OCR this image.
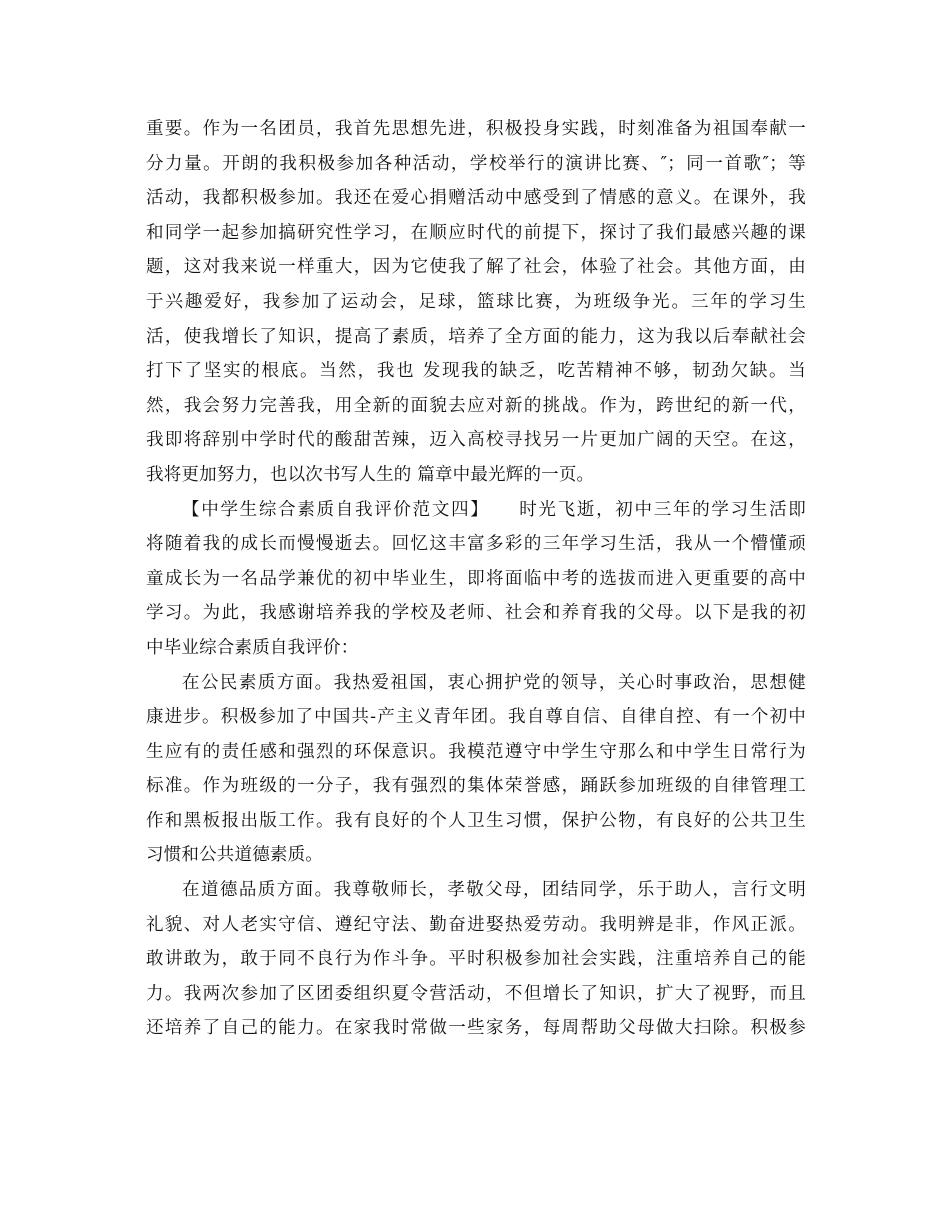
重要。作为一名团员，我首先思想先进，积极投身实践，时刻准备为祖国奉献一
分力量。开朗的我积极参加各种活动，学校举行的演讲比赛、″；同一首歌″；等
活动，我都积极参加。我还在爱心捐赠活动中感受到了情感的意义。在课外，我
和同学一起参加搞研究性学习，在顺应时代的前提下，探讨了我们最感兴趣的课
题，这对我来说一样重大，因为它使我了解了社会，体验了社会。其他方面，由
于兴趣爱好，我参加了运动会，足球，篮球比赛，为班级争光。三年的学习生
活，使我增长了知识，提高了素质，培养了全方面的能力，这为我以后奉献社会
打下了坚实的根底。当然，我也 发现我的缺乏，吃苦精神不够，韧劲欠缺。当
然，我会努力完善我，用全新的面貌去应对新的挑战。作为，跨世纪的新一代，
我即将辞别中学时代的酸甜苦辣，迈入高校寻找另一片更加广阔的天空。在这，
我将更加努力，也以次书写人生的 篇章中最光辉的一页。
【中学生综合素质自我评价范文四】　　时光飞逝，初中三年的学习生活即
将随着我的成长而慢慢逝去。回忆这丰富多彩的三年学习生活，我从一个懵懂顽
童成长为一名品学兼优的初中毕业生，即将面临中考的选拔而进入更重要的高中
学习。为此，我感谢培养我的学校及老师、社会和养育我的父母。以下是我的初
中毕业综合素质自我评价：
在公民素质方面。我热爱祖国，衷心拥护党的领导，关心时事政治，思想健
康进步。积极参加了中国共-产主义青年团。我自尊自信、自律自控、有一个初中
生应有的责任感和强烈的环保意识。我模范遵守中学生守那么和中学生日常行为
标准。作为班级的一分子，我有强烈的集体荣誉感，踊跃参加班级的自律管理工
作和黑板报出版工作。我有良好的个人卫生习惯，保护公物，有良好的公共卫生
习惯和公共道德素质。
在道德品质方面。我尊敬师长，孝敬父母，团结同学，乐于助人，言行文明
礼貌、对人老实守信、遵纪守法、勤奋进娶热爱劳动。我明辨是非，作风正派。
敢讲敢为，敢于同不良行为作斗争。平时积极参加社会实践，注重培养自己的能
力。我两次参加了区团委组织夏令营活动，不但增长了知识，扩大了视野，而且
还培养了自己的能力。在家我时常做一些家务，每周帮助父母做大扫除。积极参
